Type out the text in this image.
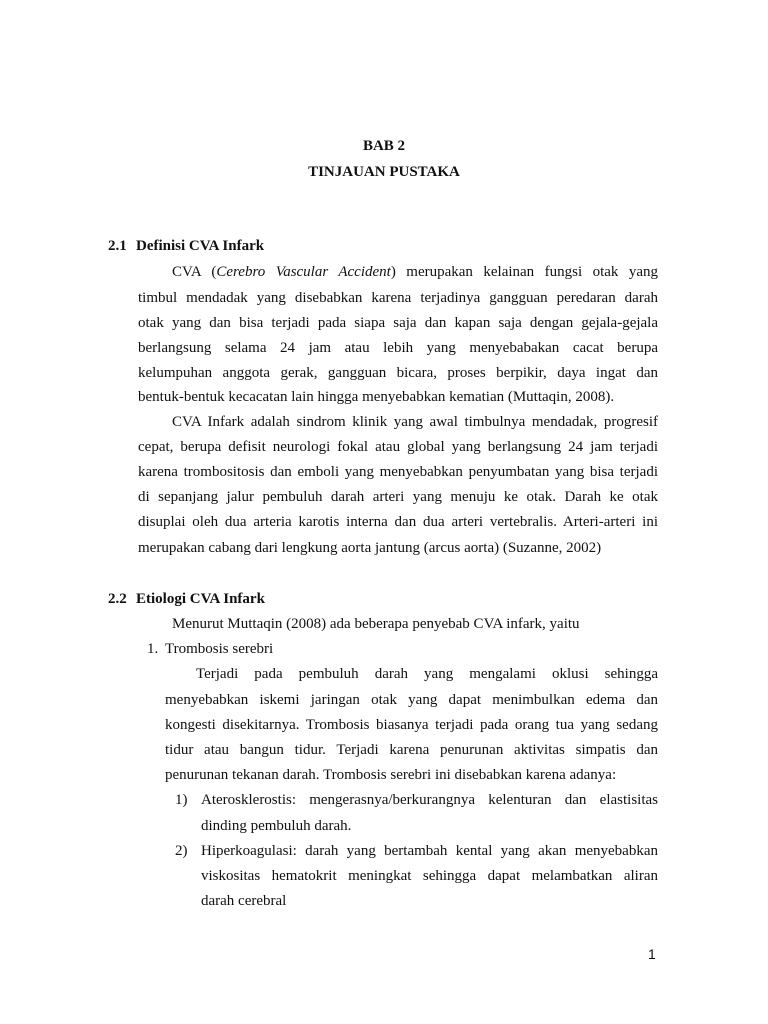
BAB 2
TINJAUAN PUSTAKA
2.1 Definisi CVA Infark
CVA (Cerebro Vascular Accident) merupakan kelainan fungsi otak yang
timbul mendadak yang disebabkan karena terjadinya gangguan peredaran darah
otak yang dan bisa terjadi pada siapa saja dan kapan saja dengan gejala-gejala
berlangsung selama 24 jam atau lebih yang menyebabakan cacat berupa
kelumpuhan anggota gerak, gangguan bicara, proses berpikir, daya ingat dan
bentuk-bentuk kecacatan lain hingga menyebabkan kematian (Muttaqin, 2008).
CVA Infark adalah sindrom klinik yang awal timbulnya mendadak, progresif
cepat, berupa defisit neurologi fokal atau global yang berlangsung 24 jam terjadi
karena trombositosis dan emboli yang menyebabkan penyumbatan yang bisa terjadi
di sepanjang jalur pembuluh darah arteri yang menuju ke otak. Darah ke otak
disuplai oleh dua arteria karotis interna dan dua arteri vertebralis. Arteri-arteri ini
merupakan cabang dari lengkung aorta jantung (arcus aorta) (Suzanne, 2002)
2.2 Etiologi CVA Infark
Menurut Muttaqin (2008) ada beberapa penyebab CVA infark, yaitu
1. Trombosis serebri
Terjadi pada pembuluh darah yang mengalami oklusi sehingga
menyebabkan iskemi jaringan otak yang dapat menimbulkan edema dan
kongesti disekitarnya. Trombosis biasanya terjadi pada orang tua yang sedang
tidur atau bangun tidur. Terjadi karena penurunan aktivitas simpatis dan
penurunan tekanan darah. Trombosis serebri ini disebabkan karena adanya:
1) Aterosklerostis: mengerasnya/berkurangnya kelenturan dan elastisitas
dinding pembuluh darah.
2) Hiperkoagulasi: darah yang bertambah kental yang akan menyebabkan
viskositas hematokrit meningkat sehingga dapat melambatkan aliran
darah cerebral
1
